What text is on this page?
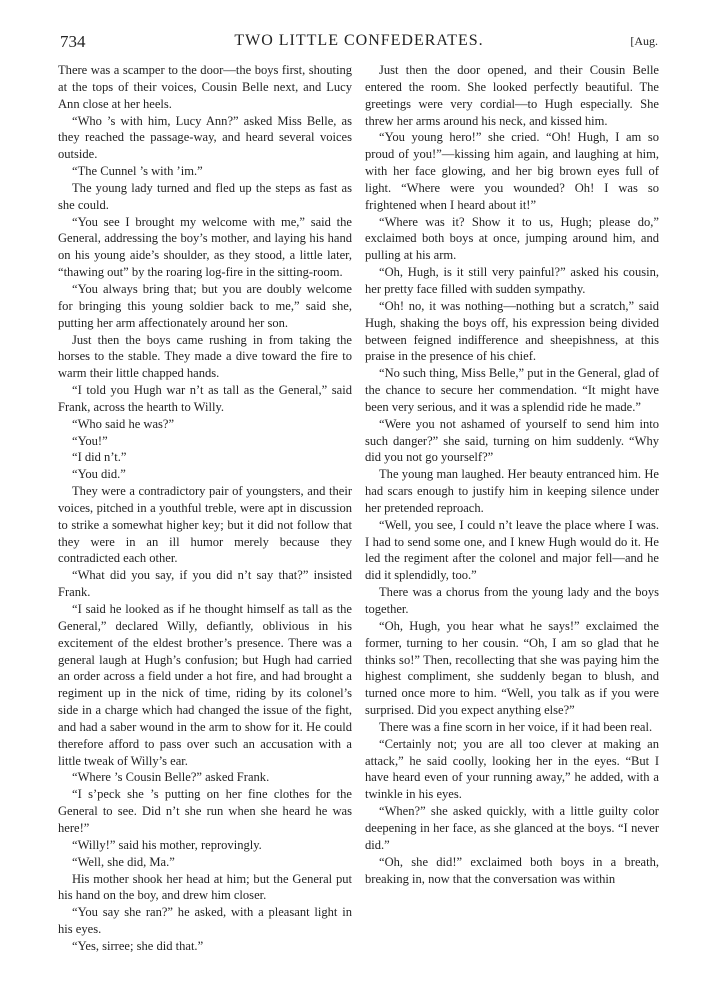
734	TWO LITTLE CONFEDERATES.	[Aug.

There was a scamper to the door—the boys first, shouting at the tops of their voices, Cousin Belle next, and Lucy Ann close at her heels.

“Who ’s with him, Lucy Ann?” asked Miss Belle, as they reached the passage-way, and heard several voices outside.

“The Cunnel ’s with ’im.”

The young lady turned and fled up the steps as fast as she could.

“You see I brought my welcome with me,” said the General, addressing the boy’s mother, and laying his hand on his young aide’s shoulder, as they stood, a little later, “thawing out” by the roaring log-fire in the sitting-room.

“You always bring that; but you are doubly welcome for bringing this young soldier back to me,” said she, putting her arm affectionately around her son.

Just then the boys came rushing in from taking the horses to the stable. They made a dive toward the fire to warm their little chapped hands.

“I told you Hugh war n’t as tall as the General,” said Frank, across the hearth to Willy.

“Who said he was?”

“You!”

“I did n’t.”

“You did.”

They were a contradictory pair of youngsters, and their voices, pitched in a youthful treble, were apt in discussion to strike a somewhat higher key; but it did not follow that they were in an ill humor merely because they contradicted each other.

“What did you say, if you did n’t say that?” insisted Frank.

“I said he looked as if he thought himself as tall as the General,” declared Willy, defiantly, oblivious in his excitement of the eldest brother’s presence. There was a general laugh at Hugh’s confusion; but Hugh had carried an order across a field under a hot fire, and had brought a regiment up in the nick of time, riding by its colonel’s side in a charge which had changed the issue of the fight, and had a saber wound in the arm to show for it. He could therefore afford to pass over such an accusation with a little tweak of Willy’s ear.

“Where ’s Cousin Belle?” asked Frank.

“I s’peck she ’s putting on her fine clothes for the General to see. Did n’t she run when she heard he was here!”

“Willy!” said his mother, reprovingly.

“Well, she did, Ma.”

His mother shook her head at him; but the General put his hand on the boy, and drew him closer.

“You say she ran?” he asked, with a pleasant light in his eyes.

“Yes, sirree; she did that.”

Just then the door opened, and their Cousin Belle entered the room. She looked perfectly beautiful. The greetings were very cordial—to Hugh especially. She threw her arms around his neck, and kissed him.

“You young hero!” she cried. “Oh! Hugh, I am so proud of you!”—kissing him again, and laughing at him, with her face glowing, and her big brown eyes full of light. “Where were you wounded? Oh! I was so frightened when I heard about it!”

“Where was it? Show it to us, Hugh; please do,” exclaimed both boys at once, jumping around him, and pulling at his arm.

“Oh, Hugh, is it still very painful?” asked his cousin, her pretty face filled with sudden sympathy.

“Oh! no, it was nothing—nothing but a scratch,” said Hugh, shaking the boys off, his expression being divided between feigned indifference and sheepishness, at this praise in the presence of his chief.

“No such thing, Miss Belle,” put in the General, glad of the chance to secure her commendation. “It might have been very serious, and it was a splendid ride he made.”

“Were you not ashamed of yourself to send him into such danger?” she said, turning on him suddenly. “Why did you not go yourself?”

The young man laughed. Her beauty entranced him. He had scars enough to justify him in keeping silence under her pretended reproach.

“Well, you see, I could n’t leave the place where I was. I had to send some one, and I knew Hugh would do it. He led the regiment after the colonel and major fell—and he did it splendidly, too.”

There was a chorus from the young lady and the boys together.

“Oh, Hugh, you hear what he says!” exclaimed the former, turning to her cousin. “Oh, I am so glad that he thinks so!” Then, recollecting that she was paying him the highest compliment, she suddenly began to blush, and turned once more to him. “Well, you talk as if you were surprised. Did you expect anything else?”

There was a fine scorn in her voice, if it had been real.

“Certainly not; you are all too clever at making an attack,” he said coolly, looking her in the eyes. “But I have heard even of your running away,” he added, with a twinkle in his eyes.

“When?” she asked quickly, with a little guilty color deepening in her face, as she glanced at the boys. “I never did.”

“Oh, she did!” exclaimed both boys in a breath, breaking in, now that the conversation was within
